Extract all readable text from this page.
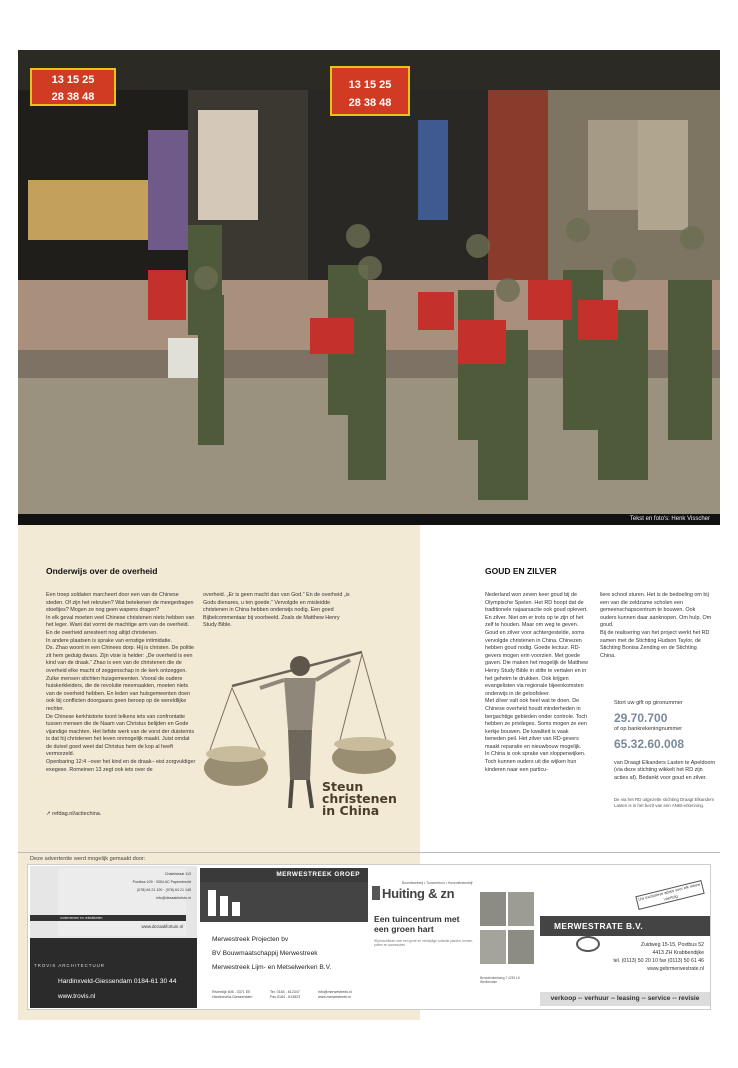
13 15 25
28 38 48
13 15 25
28 38 48
Tekst en foto's: Henk Visscher
Onderwijs over de overheid

Een troep soldaten marcheert door een van de Chinese steden. Of zijn het rekruten? Wat betekenen de meegedragen stoeltjes? Mogen ze nog geen wapens dragen?

In elk geval moeten veel Chinese christenen niets hebben van het leger. Want dat vormt de machtige arm van de overheid. En de overheid arresteert nog altijd christenen.

In andere plaatsen is sprake van ernstige intimidatie.

Ds. Zhao woont in een Chinees dorp. Hij is christen. De politie zit hem geduig dwars. Zijn visie is helder: „De overheid is een kind van de draak.” Zhao is een van de christenen die de overheid elke macht of zeggenschap in de kerk ontzeggen. Zulke mensen stichten huisgemeenten. Vooral de oudere huiskerkleiders, die de revolutie meemaakten, moeten niets van de overheid hebben. En leden van huisgemeenten doen ook bij conflicten doorgaans geen beroep op de wereldlijke rechter.

De Chinese kerkhistorie toont telkens iets van confrontatie tussen mensen die de Naam van Christus belijden en Gode vijandige machten. Het liefste werk van de vorst der duisternis is dat hij christenen het leven onmogelijk maakt. Juist omdat de duivel goed weet dat Christus hem de kop al heeft vermorzeld.

Openbaring 12:4 –over het kind en de draak– eist zorgvuldiger exegese. Romeinen 13 zegt ook iets over de

overheid. „Er is geen macht dan van God.” En de overheid „is Gods dienares, u ten goede.” Vervolgde en misleidde christenen in China hebben onderwijs nodig. Een goed Bijbelcommentaar bij voorbeeld. Zoals de Matthew Henry Study Bible.

↗ refdag.nl/actiechina.
Steun
christenen
in China
GOUD EN ZILVER

Nederland won zeven keer goud bij de Olympische Spelen. Het RD hoopt dat de traditionele najaarsactie ook goud oplevert. En zilver. Niet om er trots op te zijn of het zelf te houden. Maar om weg te geven. Goud en zilver voor achtergestelde, soms vervolgde christenen in China. Chinezen hebben goud nodig. Goede lectuur. RD-gevers mogen erin voorzien. Met goede gaven. Die maken het mogelijk de Matthew Henry Study Bible in stilte te vertalen en in het geheim te drukken. Ook krijgen evangelisten via regionale bijeenkomsten onderwijs in de geloofsleer.

Met zilver valt ook heel wat te doen. De Chinese overheid houdt minderheden in bergachtige gebieden onder controle. Toch hebben ze privileges. Soms mogen ze een kerkje bouwen. De kwaliteit is vaak beneden peil. Het zilver van RD-gevers maakt reparatie en nieuwbouw mogelijk.

In China is ook sprake van sloppenwijken. Toch kunnen ouders uit die wijken hun kinderen naar een particu-

liere school sturen. Het is de bedoeling om bij een van die zeldzame scholen een gemeenschapscentrum te bouwen. Ook ouders kunnen daar aanknopen. Om hulp. Om goud.

Bij de realisering van het project werkt het RD samen met de Stichting Hudson Taylor, de Stichting Bonisa Zending en de Stichting China.

Stort uw gift op gironummer
29.70.700
of op bankrekeningnummer
65.32.60.008
van Draagt Elkanders Lasten te Apeldoorn (via deze stichting wikkelt het RD zijn acties af). Bedankt voor goud en zilver.
De via het RD uitgezette stichting Draagt Elkanders Lasten is in het bezit van een ANBI-erkenning.
Deze advertentie werd mogelijk gemaakt door:
Chaletstraat 113
Postbus 109 · 3354 AC Papendrecht
(078) 64 21 100 · (078) 64 21 145
info@dezaakfortuin.nl
ondernemen en ontwikkelen
www.dezaakfortuin.nl
TROVIS ARCHITECTUUR
Hardinxveld-Giessendam 0184-61 30 44
www.trovis.nl
MERWESTREEK GROEP
Merwestreek Projecten bv
BV Bouwmaatschappij Merwestreek
Merwestreek Lijm- en Metselwerken B.V.
Rivierdijk 606 - 3371 EE
Hardinxveld-Giessendam
Tel. 0184 - 612347
Fax 0184 - 613823
info@merwestreek.nl
www.merwestreek.nl
Boomkwekerij • Tuincentrum • Hoveniersbedrijf
Huiting & zn
Een tuincentrum met een groen hart
Wij beschikken over een grote en veelzijdige collectie planten, bomen, potten en accessoires.
Benedenkerkweg 7 4251 LK Werkendam
Uw exclusieve adres voor elk nieuw voertuig
MERWESTRATE B.V.
Zuidweg 15-15, Postbus 52
4413 ZH Krabbendijke
tel. (0113) 50 20 10 fax (0113) 50 61 46
www.gebrmerwestrate.nl
verkoop -- verhuur -- leasing -- service -- revisie
